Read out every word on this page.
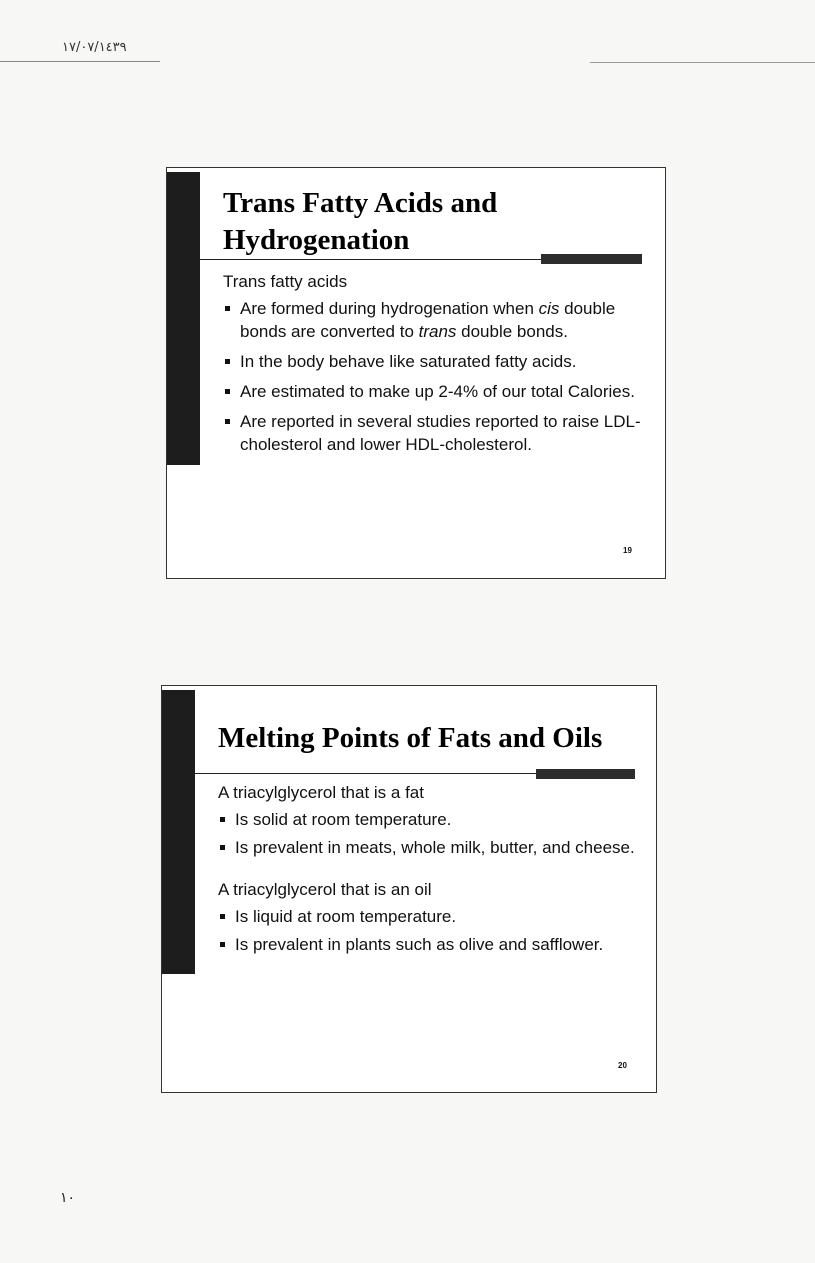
١٧/٠٧/١٤٣٩
Trans Fatty Acids and Hydrogenation

Trans fatty acids

Are formed during hydrogenation when cis double bonds are converted to trans double bonds.
In the body behave like saturated fatty acids.
Are estimated to make up 2-4% of our total Calories.
Are reported in several studies reported to raise LDL-cholesterol and lower HDL-cholesterol.
19
Melting Points of Fats and Oils

A triacylglycerol that is a fat

Is solid at room temperature.
Is prevalent in meats, whole milk, butter, and cheese.

A triacylglycerol that is an oil

Is liquid at room temperature.
Is prevalent in plants such as olive and safflower.
20
١٠
